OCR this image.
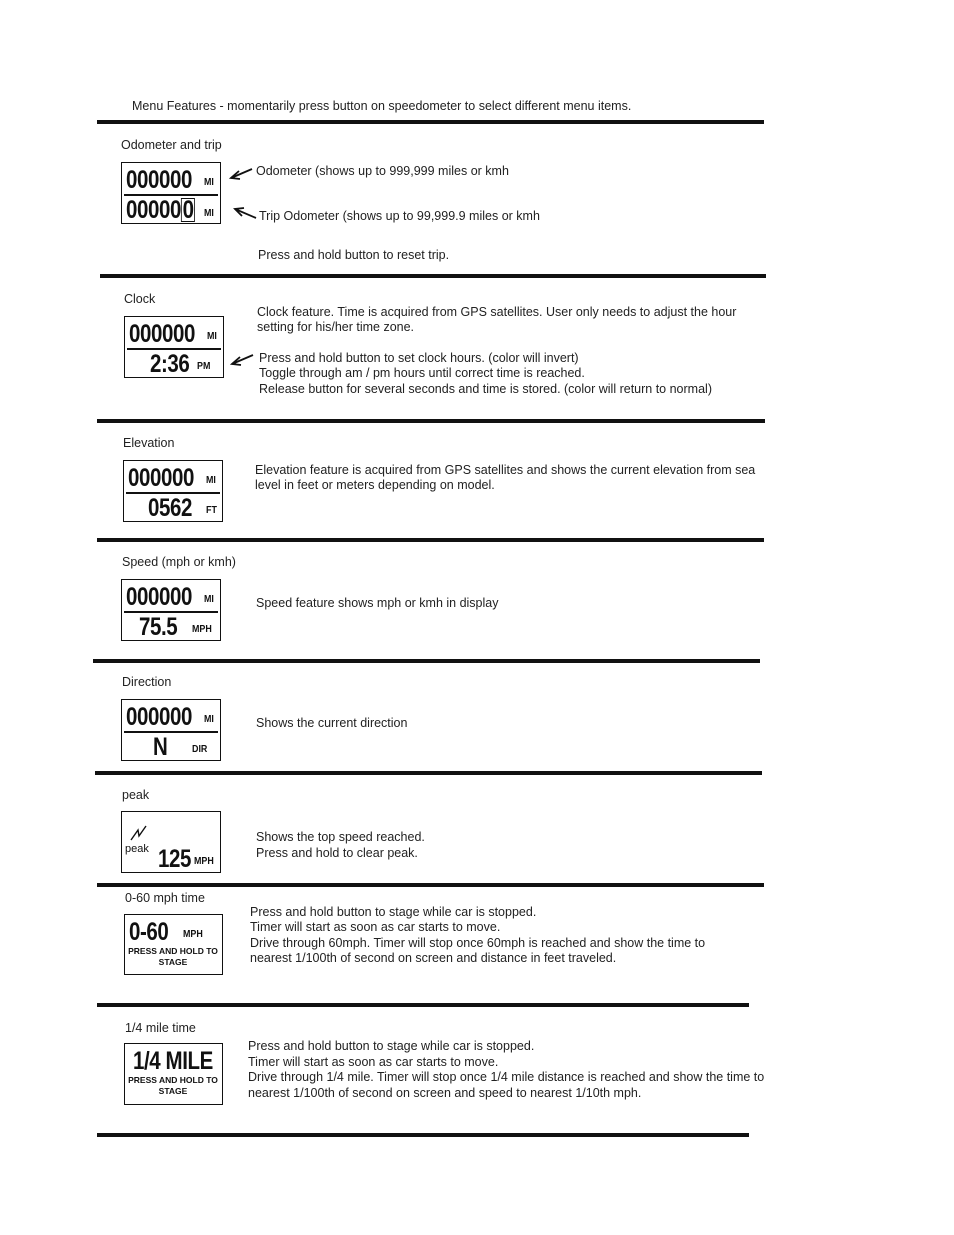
Menu Features - momentarily press button on speedometer to select different menu items.
Odometer and trip
000000 MI
000000 MI
Odometer (shows up to 999,999 miles or kmh
Trip Odometer (shows up to 99,999.9 miles or kmh
Press and hold button to reset trip.
Clock
000000 MI
2:36 PM
Clock feature. Time is acquired from GPS satellites. User only needs to adjust the hour
setting for his/her time zone.
Press and hold button to set clock hours. (color will invert)
Toggle through am / pm hours until correct time is reached.
Release button for several seconds and time is stored. (color will return to normal)
Elevation
000000 MI
0562 FT
Elevation feature is acquired from GPS satellites and shows the current elevation from sea
level in feet or meters depending on model.
Speed (mph or kmh)
000000 MI
75.5 MPH
Speed feature shows mph or kmh in display
Direction
000000 MI
N DIR
Shows the current direction
peak
peak 125 MPH
Shows the top speed reached.
Press and hold to clear peak.
0-60 mph time
0-60 MPH
PRESS AND HOLD TO
STAGE
Press and hold button to stage while car is stopped.
Timer will start as soon as car starts to move.
Drive through 60mph. Timer will stop once 60mph is reached and show the time to
nearest 1/100th of second on screen and distance in feet traveled.
1/4 mile time
1/4 MILE
PRESS AND HOLD TO
STAGE
Press and hold button to stage while car is stopped.
Timer will start as soon as car starts to move.
Drive through 1/4 mile. Timer will stop once 1/4 mile distance is reached and show the time to
nearest 1/100th of second on screen and speed to nearest 1/10th mph.
